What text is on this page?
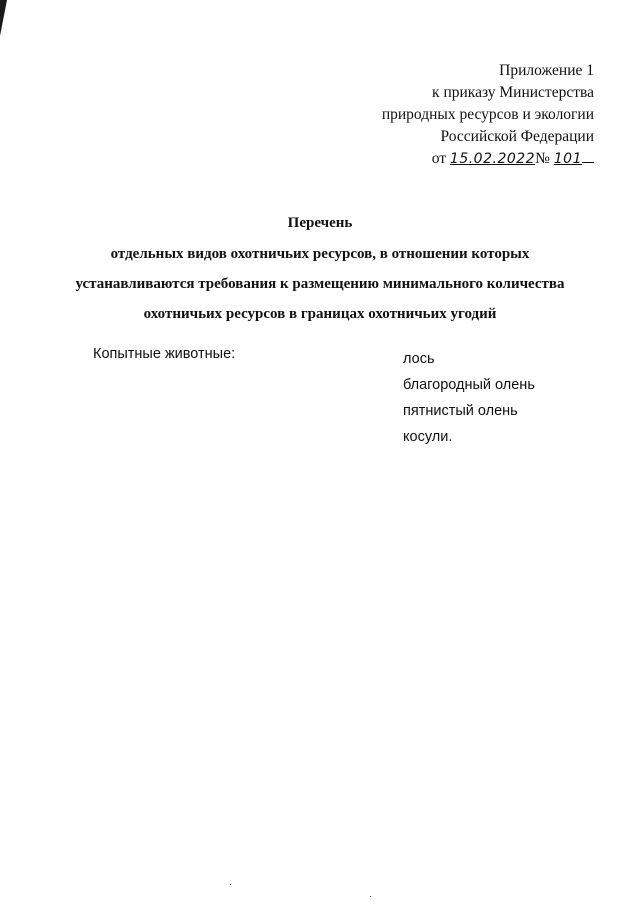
Приложение 1
к приказу Министерства
природных ресурсов и экологии
Российской Федерации
от 15.02.2022№ 101
Перечень
отдельных видов охотничьих ресурсов, в отношении которых
устанавливаются требования к размещению минимального количества
охотничьих ресурсов в границах охотничьих угодий
Копытные животные:	лось
благородный олень
пятнистый олень
косули.
